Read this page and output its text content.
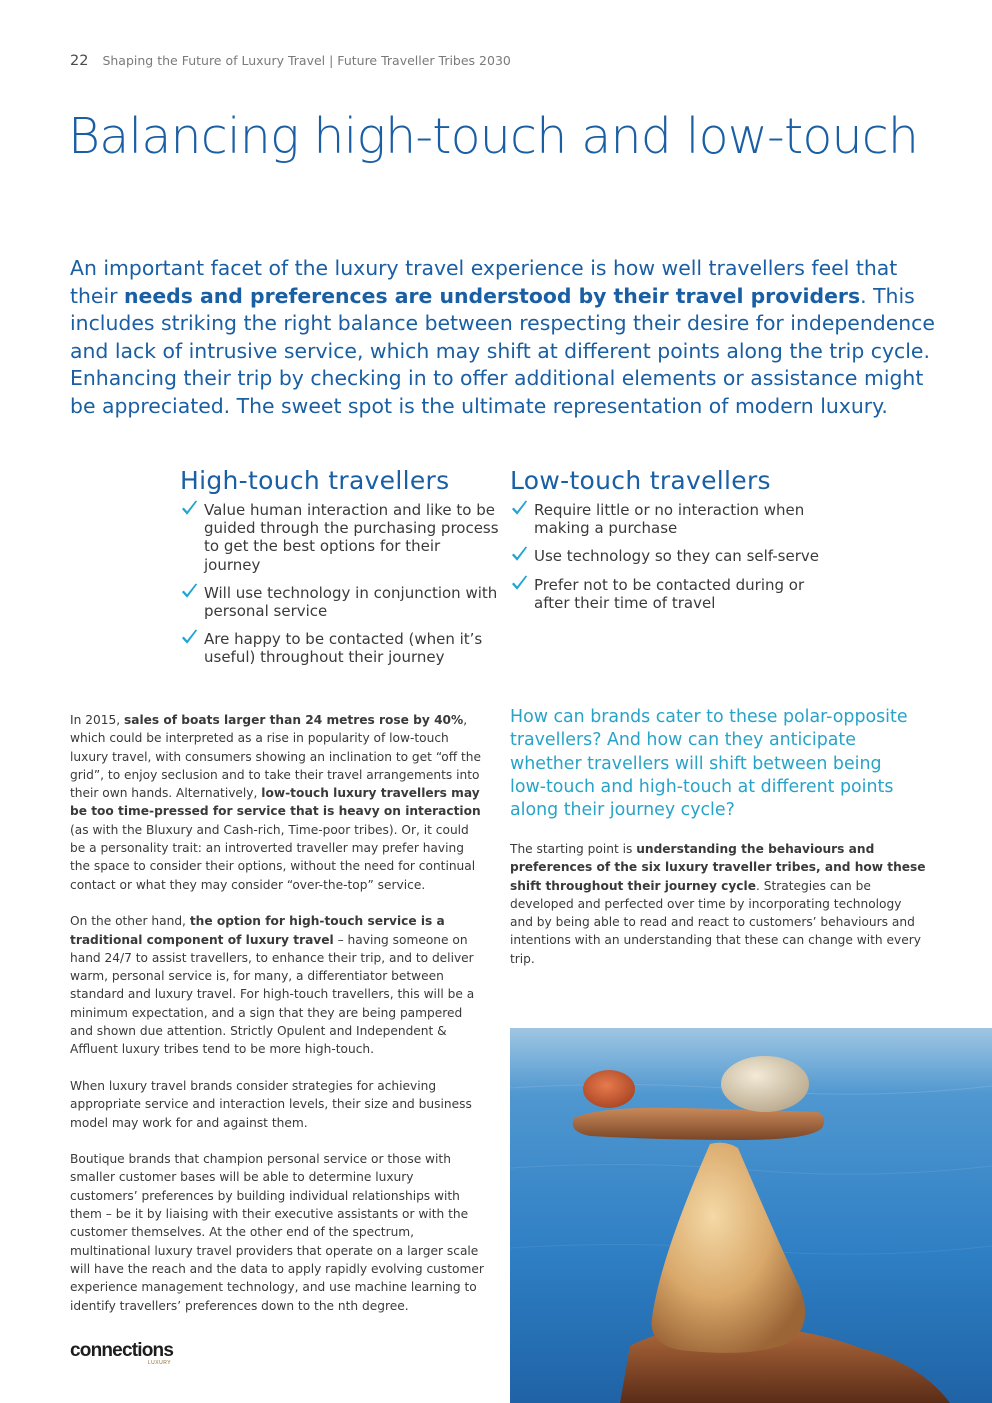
22 Shaping the Future of Luxury Travel | Future Traveller Tribes 2030
Balancing high-touch and low-touch

An important facet of the luxury travel experience is how well travellers feel that their needs and preferences are understood by their travel providers. This includes striking the right balance between respecting their desire for independence and lack of intrusive service, which may shift at different points along the trip cycle. Enhancing their trip by checking in to offer additional elements or assistance might be appreciated. The sweet spot is the ultimate representation of modern luxury.

High-touch travellers
Value human interaction and like to be guided through the purchasing process to get the best options for their journey
Will use technology in conjunction with personal service
Are happy to be contacted (when it’s useful) throughout their journey
Low-touch travellers
Require little or no interaction when making a purchase
Use technology so they can self-serve
Prefer not to be contacted during or after their time of travel

In 2015, sales of boats larger than 24 metres rose by 40%, which could be interpreted as a rise in popularity of low-touch luxury travel, with consumers showing an inclination to get “off the grid”, to enjoy seclusion and to take their travel arrangements into their own hands. Alternatively, low-touch luxury travellers may be too time-pressed for service that is heavy on interaction (as with the Bluxury and Cash-rich, Time-poor tribes). Or, it could be a personality trait: an introverted traveller may prefer having the space to consider their options, without the need for continual contact or what they may consider “over-the-top” service.

On the other hand, the option for high-touch service is a traditional component of luxury travel – having someone on hand 24/7 to assist travellers, to enhance their trip, and to deliver warm, personal service is, for many, a differentiator between standard and luxury travel. For high-touch travellers, this will be a minimum expectation, and a sign that they are being pampered and shown due attention. Strictly Opulent and Independent & Affluent luxury tribes tend to be more high-touch.

When luxury travel brands consider strategies for achieving appropriate service and interaction levels, their size and business model may work for and against them.

Boutique brands that champion personal service or those with smaller customer bases will be able to determine luxury customers’ preferences by building individual relationships with them – be it by liaising with their executive assistants or with the customer themselves. At the other end of the spectrum, multinational luxury travel providers that operate on a larger scale will have the reach and the data to apply rapidly evolving customer experience management technology, and use machine learning to identify travellers’ preferences down to the nth degree.

How can brands cater to these polar-opposite travellers? And how can they anticipate whether travellers will shift between being low-touch and high-touch at different points along their journey cycle?

The starting point is understanding the behaviours and preferences of the six luxury traveller tribes, and how these shift throughout their journey cycle. Strategies can be developed and perfected over time by incorporating technology and by being able to read and react to customers’ behaviours and intentions with an understanding that these can change with every trip.

connections
LUXURY
